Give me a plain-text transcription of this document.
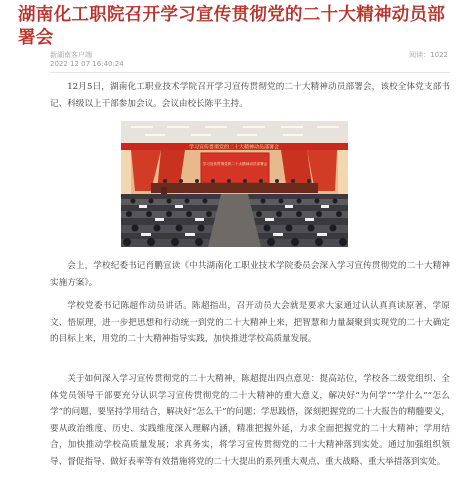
湖南化工职院召开学习宣传贯彻党的二十大精神动员部署会
新湖南客户端	阅读：1022
2022 12 07 16:40:24
12月5日，湖南化工职业技术学院召开学习宣传贯彻党的二十大精神动员部署会，该校全体党支部书记、科级以上干部参加会议。会议由校长陈平主持。
学习宣传贯彻党的二十大精神动员部署会
学习宣传贯彻党的二十大精神动员部署会
会上，学校纪委书记肖鹏宣读《中共湖南化工职业技术学院委员会深入学习宣传贯彻党的二十大精神实施方案》。
学校党委书记陈超作动员讲话。陈超指出，召开动员大会就是要求大家通过认认真真读原著、学原文、悟原理，进一步把思想和行动统一到党的二十大精神上来，把智慧和力量凝聚到实现党的二十大确定的目标上来，用党的二十大精神指导实践，加快推进学校高质量发展。
关于如何深入学习宣传贯彻党的二十大精神，陈超提出四点意见：提高站位，学校各二级党组织、全体党员领导干部要充分认识学习宣传贯彻党的二十大精神的重大意义，解决好“为何学”“学什么”“怎么学”的问题，要坚持学用结合，解决好“怎么干”的问题；学思践悟，深刻把握党的二十大报告的精髓要义，要从政治维度、历史、实践维度深入理解内涵，精准把握外延，力求全面把握党的二十大精神；学用结合，加快推动学校高质量发展；求真务实，将学习宣传贯彻党的二十大精神落到实处。通过加强组织领导、督促指导、做好表率等有效措施将党的二十大提出的系列重大观点、重大战略、重大举措落到实处。
